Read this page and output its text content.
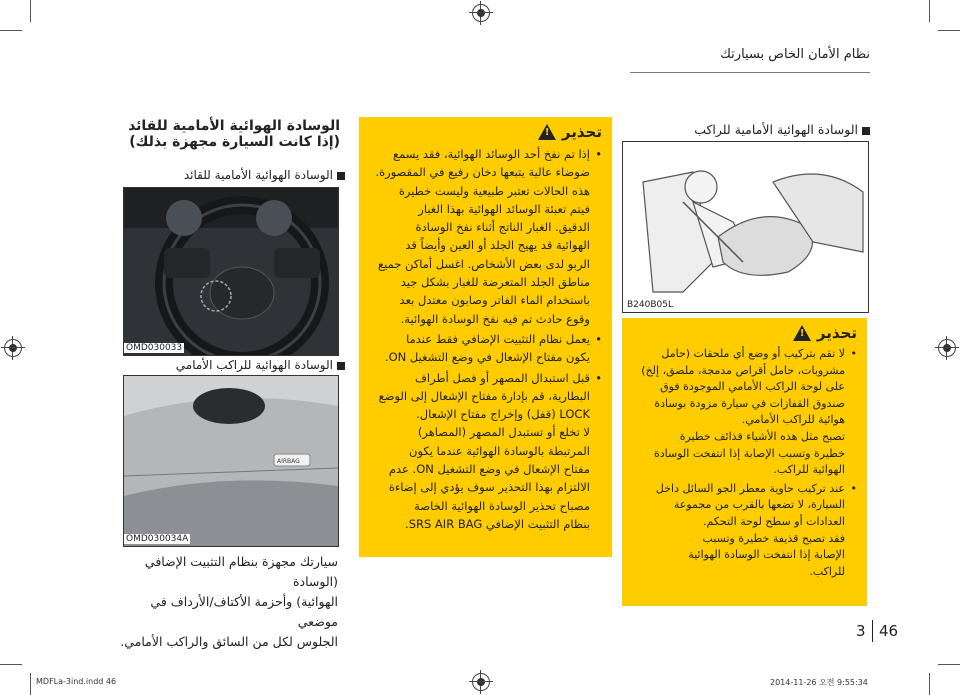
نظام الأمان الخاص بسيارتك
الوسادة الهوائية الأمامية للقائد
(إذا كانت السيارة مجهزة بذلك)
الوسادة الهوائية الأمامية للقائد
OMD030033
الوسادة الهوائية للراكب الأمامي
AIRBAG
OMD030034A
سيارتك مجهزة بنظام التثبيت الإضافي (الوسادة
الهوائية) وأحزمة الأكتاف/الأرداف في موضعي
الجلوس لكل من السائق والراكب الأمامي.
تحذير
!
• إذا تم نفخ أحد الوسائد الهوائية، فقد يسمع
ضوضاء عالية يتبعها دخان رفيع في المقصورة.
هذه الحالات تعتبر طبيعية وليست خطيرة
فيتم تعبئة الوسائد الهوائية بهذا الغبار
الدقيق. الغبار الناتج أثناء نفخ الوسادة
الهوائية قد يهيج الجلد أو العين وأيضاً قد
الربو لدى بعض الأشخاص. اغسل أماكن جميع
مناطق الجلد المتعرضة للغبار بشكل جيد
باستخدام الماء الفاتر وصابون معتدل بعد
وقوع حادث تم فيه نفخ الوسادة الهوائية.
• يعمل نظام التثبيت الإضافي فقط عندما
يكون مفتاح الإشعال في وضع التشغيل ON.
• قبل استبدال المصهر أو فصل أطراف
البطارية، قم بإدارة مفتاح الإشعال إلى الوضع
LOCK (قفل) وإخراج مفتاح الإشعال.
لا تخلع أو تستبدل المصهر (المصاهر)
المرتبطة بالوسادة الهوائية عندما يكون
مفتاح الإشعال في وضع التشغيل ON. عدم
الالتزام بهذا التحذير سوف يؤدي إلى إضاءة
مصباح تحذير الوسادة الهوائية الخاصة
بنظام التثبيت الإضافي SRS AIR BAG.
الوسادة الهوائية الأمامية للراكب
B240B05L
تحذير
!
• لا تقم بتركيب أو وضع أي ملحقات (حامل
مشروبات، حامل أقراص مدمجة، ملصق، إلخ)
على لوحة الراكب الأمامي الموجودة فوق
صندوق القفازات في سيارة مزودة بوسادة
هوائية للراكب الأمامي.
تصبح مثل هذه الأشياء قذائف خطيرة
خطيرة وتسبب الإصابة إذا انتفخت الوسادة
الهوائية للراكب.
• عند تركيب حاوية معطر الجو السائل داخل
السيارة، لا تضعها بالقرب من مجموعة
العدادات أو سطح لوحة التحكم.
فقد تصبح قذيفة خطيرة وتسبب
الإصابة إذا انتفخت الوسادة الهوائية
للراكب.
3 46
MDFLa-3ind.indd 46	2014-11-26 오전 9:55:34
